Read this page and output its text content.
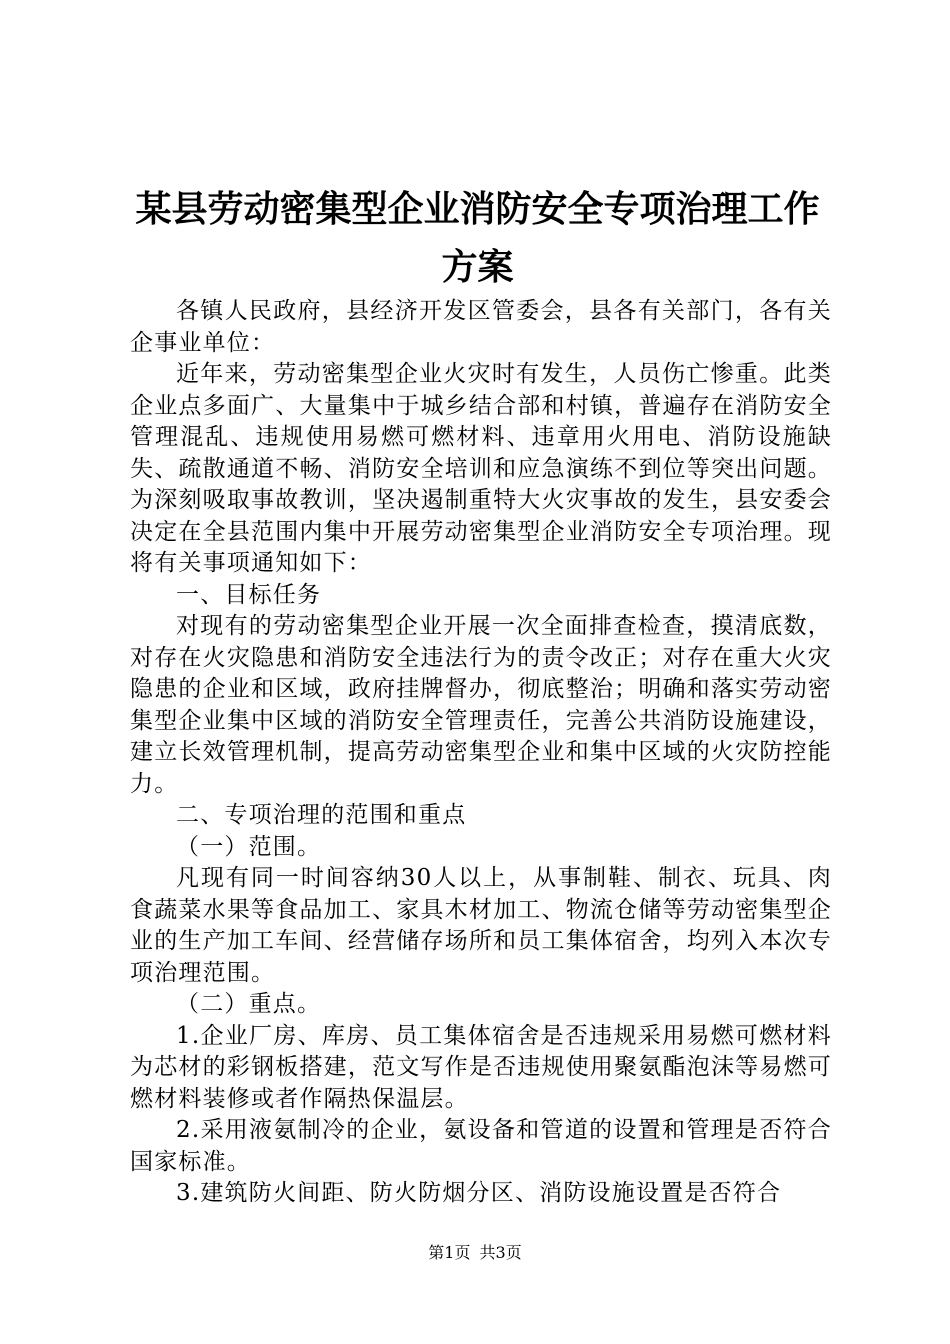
某县劳动密集型企业消防安全专项治理工作方案

各镇人民政府，县经济开发区管委会，县各有关部门，各有关企事业单位：

近年来，劳动密集型企业火灾时有发生，人员伤亡惨重。此类企业点多面广、大量集中于城乡结合部和村镇，普遍存在消防安全管理混乱、违规使用易燃可燃材料、违章用火用电、消防设施缺失、疏散通道不畅、消防安全培训和应急演练不到位等突出问题。为深刻吸取事故教训，坚决遏制重特大火灾事故的发生，县安委会决定在全县范围内集中开展劳动密集型企业消防安全专项治理。现将有关事项通知如下：

一、目标任务

对现有的劳动密集型企业开展一次全面排查检查，摸清底数，对存在火灾隐患和消防安全违法行为的责令改正；对存在重大火灾隐患的企业和区域，政府挂牌督办，彻底整治；明确和落实劳动密集型企业集中区域的消防安全管理责任，完善公共消防设施建设，建立长效管理机制，提高劳动密集型企业和集中区域的火灾防控能力。

二、专项治理的范围和重点

（一）范围。

凡现有同一时间容纳30人以上，从事制鞋、制衣、玩具、肉食蔬菜水果等食品加工、家具木材加工、物流仓储等劳动密集型企业的生产加工车间、经营储存场所和员工集体宿舍，均列入本次专项治理范围。

（二）重点。

1.企业厂房、库房、员工集体宿舍是否违规采用易燃可燃材料为芯材的彩钢板搭建，范文写作是否违规使用聚氨酯泡沫等易燃可燃材料装修或者作隔热保温层。

2.采用液氨制冷的企业，氨设备和管道的设置和管理是否符合国家标准。

3.建筑防火间距、防火防烟分区、消防设施设置是否符合

第1页 共3页
